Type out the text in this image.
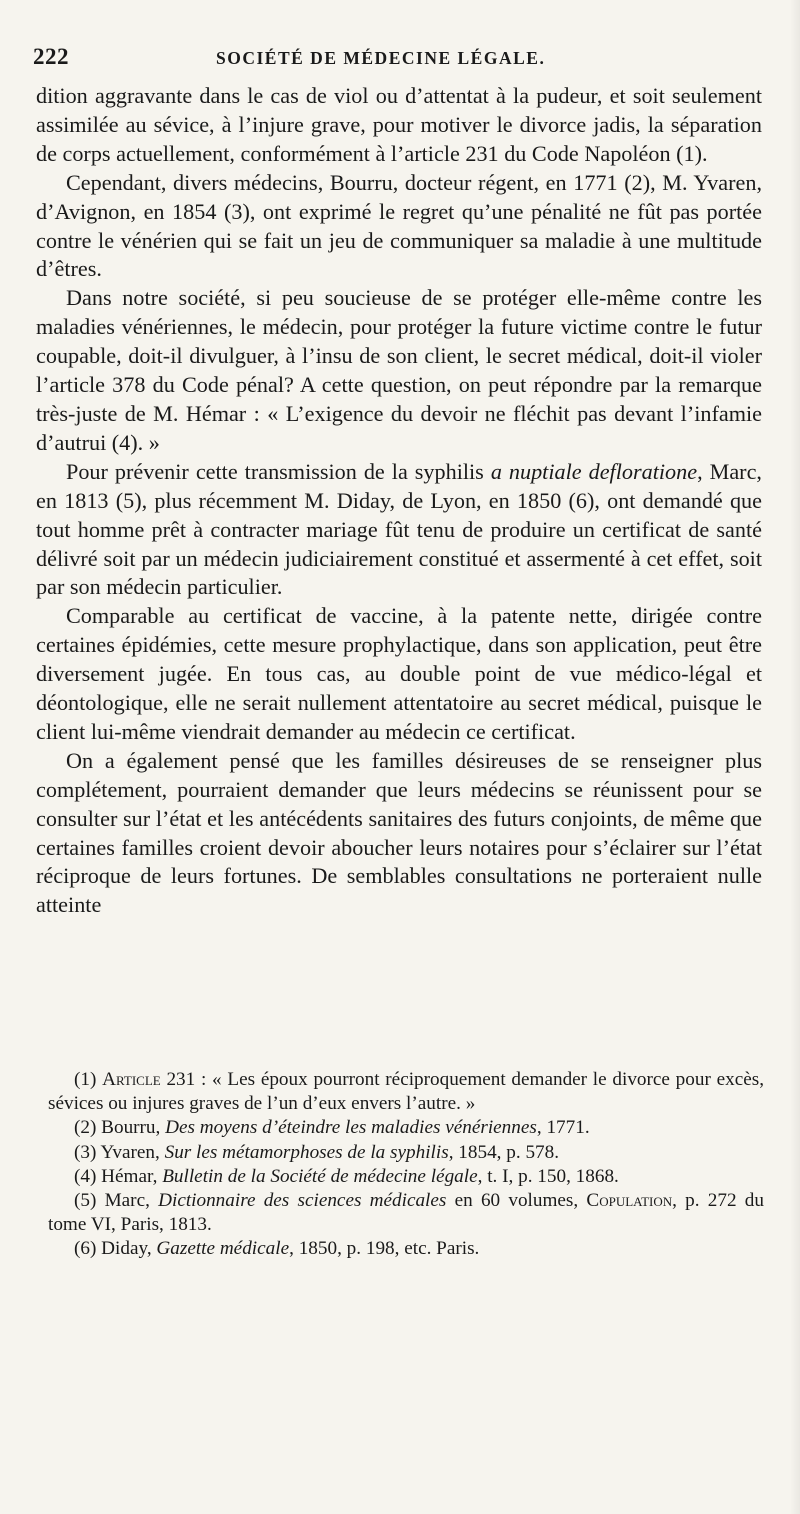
222	SOCIÉTÉ DE MÉDECINE LÉGALE.

dition aggravante dans le cas de viol ou d’attentat à la pudeur, et soit seulement assimilée au sévice, à l’injure grave, pour motiver le divorce jadis, la séparation de corps actuellement, conformément à l’article 231 du Code Napoléon (1).

Cependant, divers médecins, Bourru, docteur régent, en 1771 (2), M. Yvaren, d’Avignon, en 1854 (3), ont exprimé le regret qu’une pénalité ne fût pas portée contre le vénérien qui se fait un jeu de communiquer sa maladie à une multitude d’êtres.

Dans notre société, si peu soucieuse de se protéger elle-même contre les maladies vénériennes, le médecin, pour protéger la future victime contre le futur coupable, doit-il divulguer, à l’insu de son client, le secret médical, doit-il violer l’article 378 du Code pénal? A cette question, on peut répondre par la remarque très-juste de M. Hémar : « L’exigence du devoir ne fléchit pas devant l’infamie d’autrui (4). »

Pour prévenir cette transmission de la syphilis a nuptiale defloratione, Marc, en 1813 (5), plus récemment M. Diday, de Lyon, en 1850 (6), ont demandé que tout homme prêt à contracter mariage fût tenu de produire un certificat de santé délivré soit par un médecin judiciairement constitué et assermenté à cet effet, soit par son médecin particulier.

Comparable au certificat de vaccine, à la patente nette, dirigée contre certaines épidémies, cette mesure prophylactique, dans son application, peut être diversement jugée. En tous cas, au double point de vue médico-légal et déontologique, elle ne serait nullement attentatoire au secret médical, puisque le client lui-même viendrait demander au médecin ce certificat.

On a également pensé que les familles désireuses de se renseigner plus complétement, pourraient demander que leurs médecins se réunissent pour se consulter sur l’état et les antécédents sanitaires des futurs conjoints, de même que certaines familles croient devoir aboucher leurs notaires pour s’éclairer sur l’état réciproque de leurs fortunes. De semblables consultations ne porteraient nulle atteinte

(1) Article 231 : « Les époux pourront réciproquement demander le divorce pour excès, sévices ou injures graves de l’un d’eux envers l’autre. »

(2) Bourru, Des moyens d’éteindre les maladies vénériennes, 1771.

(3) Yvaren, Sur les métamorphoses de la syphilis, 1854, p. 578.

(4) Hémar, Bulletin de la Société de médecine légale, t. I, p. 150, 1868.

(5) Marc, Dictionnaire des sciences médicales en 60 volumes, Copulation, p. 272 du tome VI, Paris, 1813.

(6) Diday, Gazette médicale, 1850, p. 198, etc. Paris.
